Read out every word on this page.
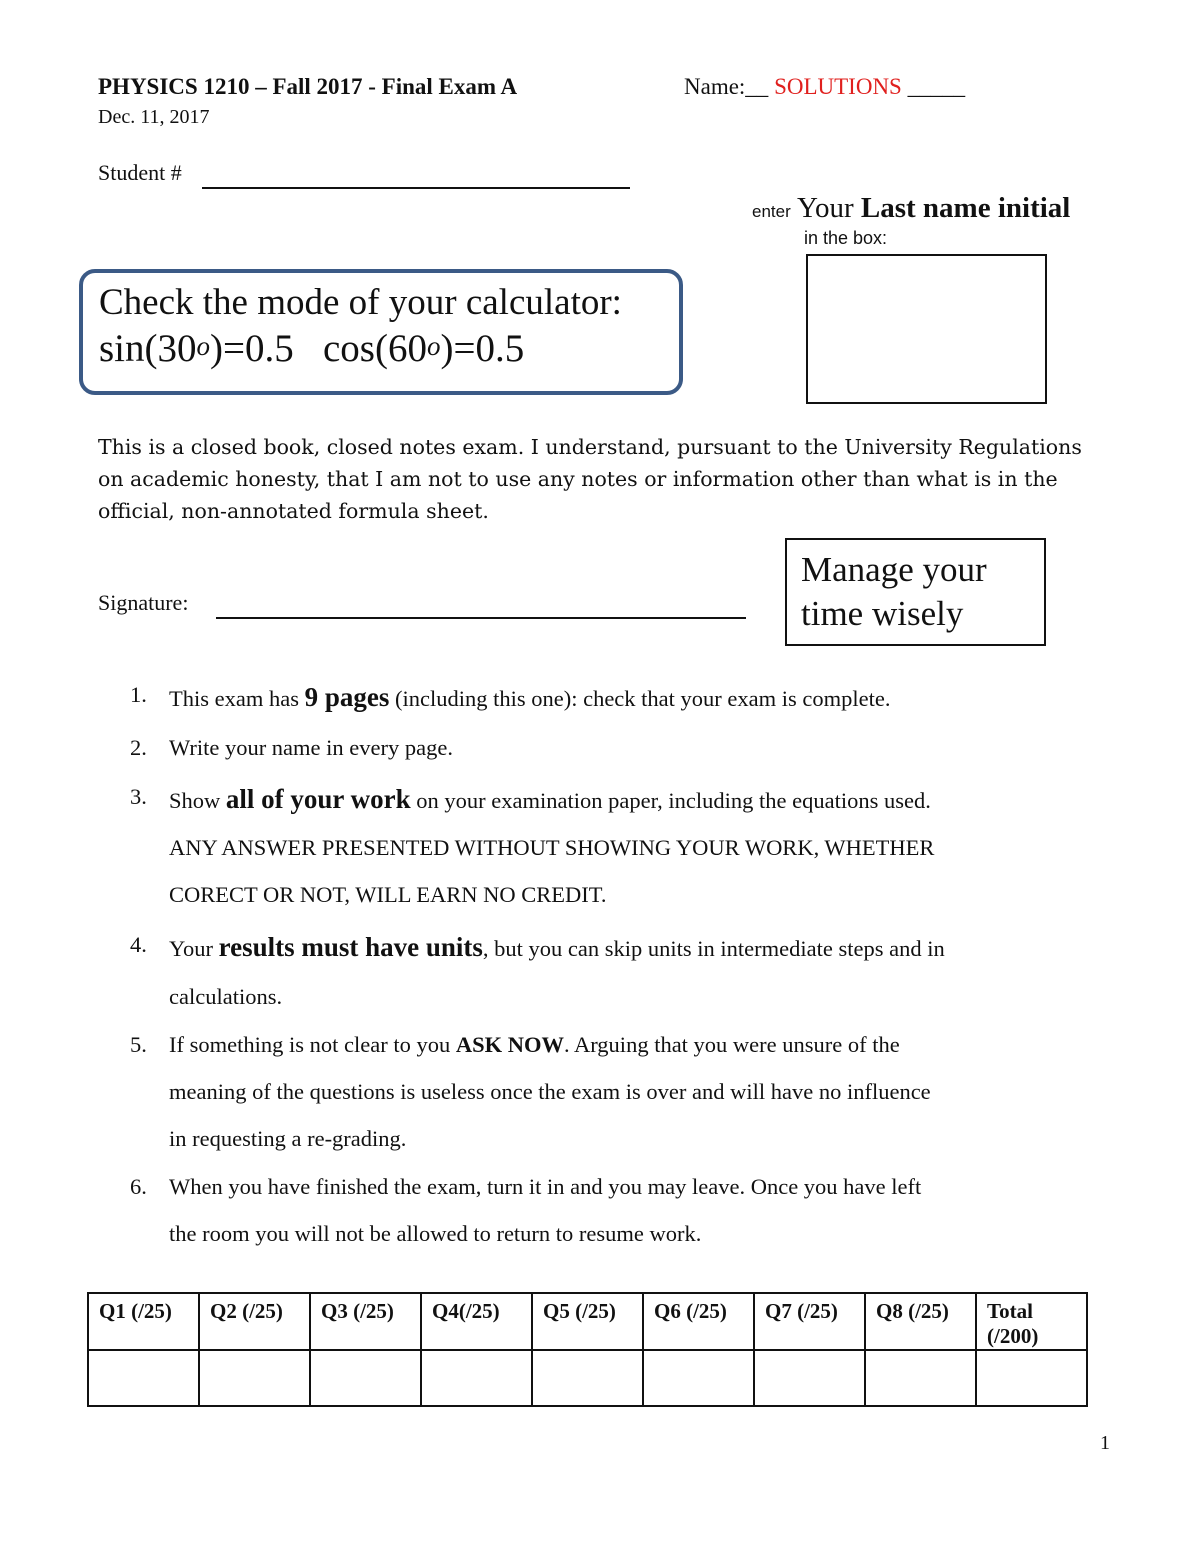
PHYSICS 1210 – Fall 2017 - Final Exam A
Dec. 11, 2017
Name:__ SOLUTIONS _____
Student #
enter Your Last name initial
in the box:
Check the mode of your calculator:
$\sin(30^o)=0.5$ $\cos(60^o)=0.5$
This is a closed book, closed notes exam. I understand, pursuant to the University Regulations on academic honesty, that I am not to use any notes or information other than what is in the official, non-annotated formula sheet.
Signature:
Manage your time wisely
1. This exam has 9 pages (including this one): check that your exam is complete.
2. Write your name in every page.
3. Show all of your work on your examination paper, including the equations used.
ANY ANSWER PRESENTED WITHOUT SHOWING YOUR WORK, WHETHER
CORECT OR NOT, WILL EARN NO CREDIT.
4. Your results must have units, but you can skip units in intermediate steps and in
calculations.
5. If something is not clear to you ASK NOW. Arguing that you were unsure of the
meaning of the questions is useless once the exam is over and will have no influence
in requesting a re-grading.
6. When you have finished the exam, turn it in and you may leave. Once you have left
the room you will not be allowed to return to resume work.
Q1 (/25)	Q2 (/25)	Q3 (/25)	Q4(/25)	Q5 (/25)	Q6 (/25)	Q7 (/25)	Q8 (/25)	Total (/200)

1
